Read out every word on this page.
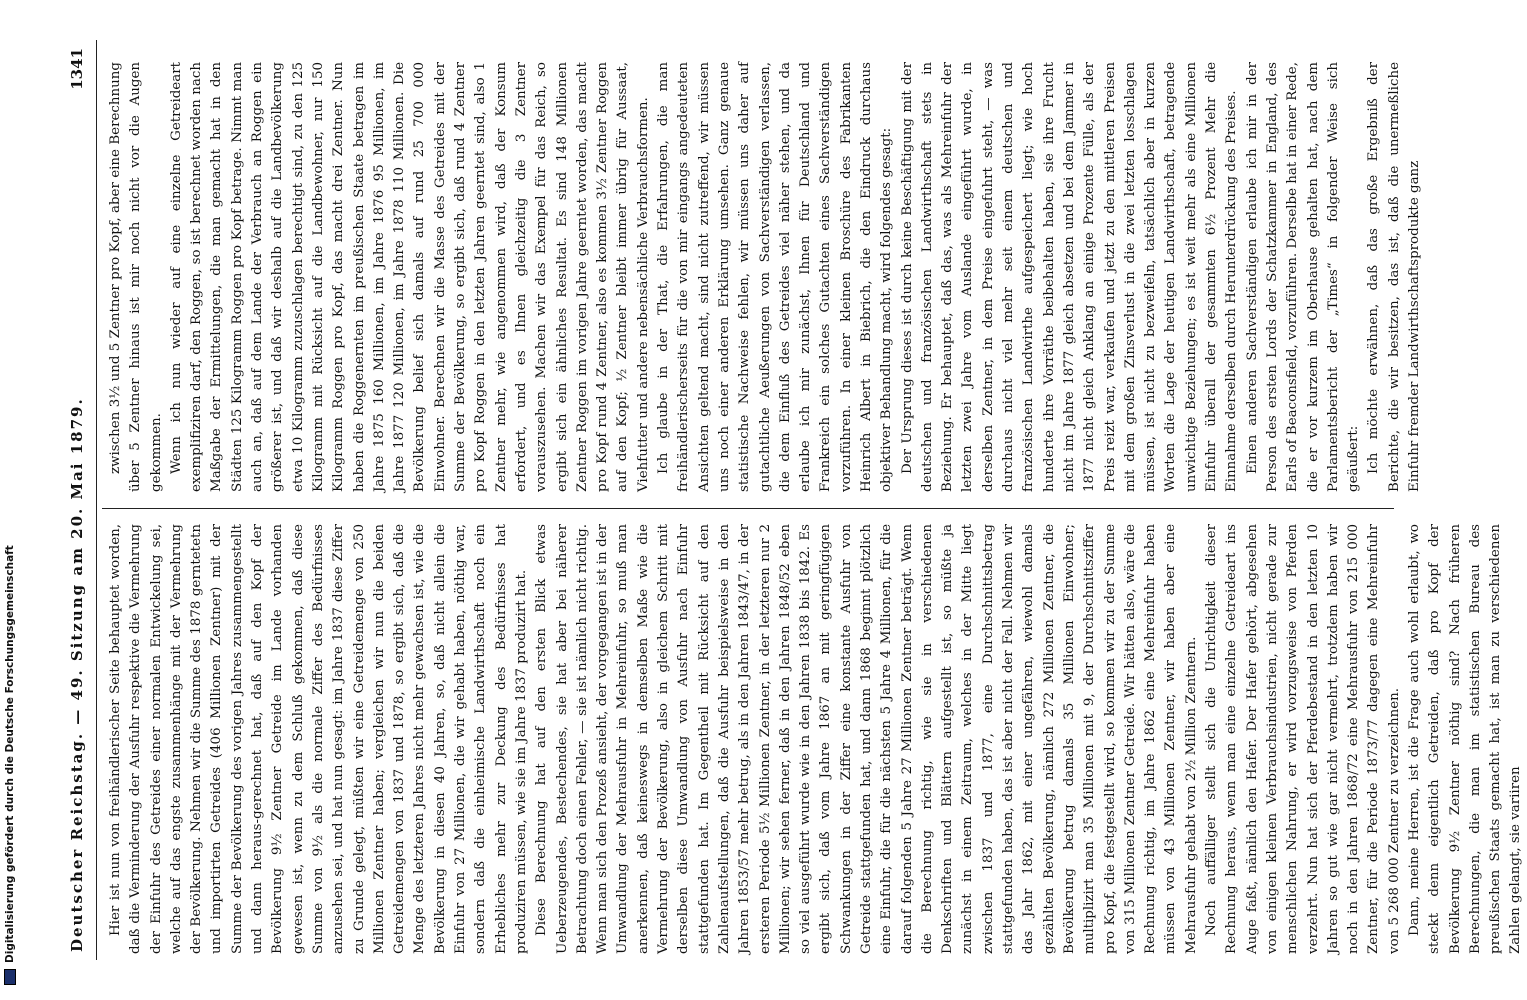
Deutscher Reichstag. — 49. Sitzung am 20. Mai 1879.
1341

Hier ist nun von freihändlerischer Seite behauptet worden, daß die Verminderung der Ausfuhr respektive die Vermehrung der Einfuhr des Getreides einer normalen Entwickelung sei, welche auf das engste zusammenhänge mit der Vermehrung der Bevölkerung. Nehmen wir die Summe des 1878 gerntetetn und importirten Getreides (406 Millionen Zentner) mit der Summe der Bevölkerung des vorigen Jahres zusammengestellt und dann heraus-gerechnet hat, daß auf den Kopf der Bevölkerung 9½ Zentner Getreide im Lande vorhanden gewesen ist, wenn zu dem Schluß gekommen, daß diese Summe von 9½ als die normale Ziffer des Bedürfnisses anzusehen sei, und hat nun gesagt: im Jahre 1837 diese Ziffer zu Grunde gelegt, müßten wir eine Getreidemenge von 250 Millionen Zentner haben; vergleichen wir nun die beiden Getreidemengen von 1837 und 1878, so ergibt sich, daß die Menge des letzteren Jahres nicht mehr gewachsen ist, wie die Bevölkerung in diesen 40 Jahren, so, daß nicht allein die Einfuhr von 27 Millionen, die wir gehabt haben, nöthig war, sondern daß die einheimische Landwirthschaft noch ein Erhebliches mehr zur Deckung des Bedürfnisses hat produziren müssen, wie sie im Jahre 1837 produzirt hat. Diese Berechnung hat auf den ersten Blick etwas Ueberzeugendes, Bestechendes, sie hat aber bei näherer Betrachtung doch einen Fehler, — sie ist nämlich nicht richtig. Wenn man sich den Prozeß ansieht, der vorgegangen ist in der Umwandlung der Mehrausfuhr in Mehreinfuhr, so muß man anerkennen, daß keineswegs in demselben Maße wie die Vermehrung der Bevölkerung, also in gleichem Schritt mit derselben diese Umwandlung von Ausfuhr nach Einfuhr stattgefunden hat. Im Gegentheil mit Rücksicht auf den Zahlenaufstellungen, daß die Ausfuhr beispielsweise in den Jahren 1853/57 mehr betrug, als in den Jahren 1843/47, in der ersteren Periode 5½ Millionen Zentner, in der letzteren nur 2 Millionen; wir sehen ferner, daß in den Jahren 1848/52 eben so viel ausgeführt wurde wie in den Jahren 1838 bis 1842. Es ergibt sich, daß vom Jahre 1867 an mit geringfügigen Schwankungen in der Ziffer eine konstante Ausfuhr von Getreide stattgefunden hat, und dann 1868 beginnt plötzlich eine Einfuhr, die für die nächsten 5 Jahre 4 Millionen, für die darauf folgenden 5 Jahre 27 Millionen Zentner beträgt. Wenn die Berechnung richtig, wie sie in verschiedenen Denkschriften und Blättern aufgestellt ist, so müßte ja zunächst in einem Zeitraum, welches in der Mitte liegt zwischen 1837 und 1877, eine Durchschnittsbetrag stattgefunden haben, das ist aber nicht der Fall. Nehmen wir das Jahr 1862, mit einer ungefähren, wiewohl damals gezählten Bevölkerung, nämlich 272 Millionen Zentner, die Bevölkerung betrug damals 35 Millionen Einwohner; multiplizirt man 35 Millionen mit 9, der Durchschnittsziffer pro Kopf, die festgestellt wird, so kommen wir zu der Summe von 315 Millionen Zentner Getreide. Wir hätten also, wäre die Rechnung richtig, im Jahre 1862 eine Mehreinfuhr haben müssen von 43 Millionen Zentner, wir haben aber eine Mehrausfuhr gehabt von 2½ Million Zentnern. Noch auffälliger stellt sich die Unrichtigkeit dieser Rechnung heraus, wenn man eine einzelne Getreideart ins Auge faßt, nämlich den Hafer. Der Hafer gehört, abgesehen von einigen kleinen Verbrauchsindustrien, nicht gerade zur menschlichen Nahrung, er wird vorzugsweise von Pferden verzehrt. Nun hat sich der Pferdebestand in den letzten 10 Jahren so gut wie gar nicht vermehrt, trotzdem haben wir noch in den Jahren 1868/72 eine Mehrausfuhr von 215 000 Zentner, für die Periode 1873/77 dagegen eine Mehreinfuhr von 5 268 000 Zentner zu verzeichnen. Dann, meine Herren, ist die Frage auch wohl erlaubt, wo steckt denn eigentlich Getreiden, daß pro Kopf der Bevölkerung 9½ Zentner nöthig sind? Nach früheren Berechnungen, die man im statistischen Bureau des preußischen Staats gemacht hat, ist man zu verschiedenen Zahlen gelangt, sie variiren

zwischen 3½ und 5 Zentner pro Kopf, aber eine Berechnung über 5 Zentner hinaus ist mir noch nicht vor die Augen gekommen. Wenn ich nun wieder auf eine einzelne Getreideart exemplifiziren darf, den Roggen, so ist berechnet worden nach Maßgabe der Ermittelungen, die man gemacht hat in den Städten 125 Kilogramm Roggen pro Kopf betrage. Nimmt man auch an, daß auf dem Lande der Verbrauch an Roggen ein größerer ist, und daß wir deshalb auf die Landbevölkerung etwa 10 Kilogramm zuzuschlagen berechtigt sind, zu den 125 Kilogramm mit Rücksicht auf die Landbewohner, nur 150 Kilogramm Roggen pro Kopf, das macht drei Zentner. Nun haben die Roggenernten im preußischen Staate betragen im Jahre 1875 160 Millionen, im Jahre 1876 95 Millionen, im Jahre 1877 120 Millionen, im Jahre 1878 110 Millionen. Die Bevölkerung belief sich damals auf rund 25 700 000 Einwohner. Berechnen wir die Masse des Getreides mit der Summe der Bevölkerung, so ergibt sich, daß rund 4 Zentner pro Kopf Roggen in den letzten Jahren geerntet sind, also 1 Zentner mehr, wie angenommen wird, daß der Konsum erfordert, und es Ihnen gleichzeitig die 3 Zentner vorauszusehen. Machen wir das Exempel für das Reich, so ergibt sich ein ähnliches Resultat. Es sind 148 Millionen Zentner Roggen im vorigen Jahre geerntet worden, das macht pro Kopf rund 4 Zentner, also es kommen 3½ Zentner Roggen auf den Kopf; ½ Zentner bleibt immer übrig für Aussaat, Viehfutter und andere nebensächliche Verbrauchsformen. Ich glaube in der That, die Erfahrungen, die man freihändlerischerseits für die von mir eingangs angedeuteten Ansichten geltend macht, sind nicht zutreffend, wir müssen uns noch einer anderen Erklärung umsehen. Ganz genaue statistische Nachweise fehlen, wir müssen uns daher auf gutachtliche Aeußerungen von Sachverständigen verlassen, die dem Einfluß des Getreides viel näher stehen, und da erlaube ich mir zunächst, Ihnen für Deutschland und Frankreich ein solches Gutachten eines Sachverständigen vorzuführen. In einer kleinen Broschüre des Fabrikanten Heinrich Albert in Biebrich, die den Eindruck durchaus objektiver Behandlung macht, wird folgendes gesagt: Der Ursprung dieses ist durch keine Beschäftigung mit der deutschen und französischen Landwirthschaft stets in Beziehung. Er behauptet, daß das, was als Mehreinfuhr der letzten zwei Jahre vom Auslande eingeführt wurde, in derselben Zentner, in dem Preise eingefuhrt steht, — was durchaus nicht viel mehr seit einem deutschen und französischen Landwirthe aufgespeichert liegt; wie hoch hunderte ihre Vorräthe beibehalten haben, sie ihre Frucht nicht im Jahre 1877 gleich absetzen und bei dem Jammer in 1877 nicht gleich Anklang an einige Prozente Fülle, als der Preis reizt war, verkaufen und jetzt zu den mittleren Preisen mit dem großen Zinsverlust in die zwei letzten losschlagen müssen, ist nicht zu bezweifeln, tatsächlich aber in kurzen Worten die Lage der heutigen Landwirthschaft, betragende unwichtige Beziehungen; es ist weit mehr als eine Millionen Einfuhr überall der gesammten 6½ Prozent Mehr die Einnahme derselben durch Herunterdrückung des Preises. Einen anderen Sachverständigen erlaube ich mir in der Person des ersten Lords der Schatzkammer in England, des Earls of Beaconsfield, vorzuführen. Derselbe hat in einer Rede, die er vor kurzem im Oberhause gehalten hat, nach dem Parlamentsbericht der „Times“ in folgender Weise sich geäußert: Ich möchte erwähnen, daß das große Ergebniß der Berichte, die wir besitzen, das ist, daß die unermeßliche Einfuhr fremder Landwirthschaftsprodukte ganz

Digitalisierung gefördert durch die Deutsche Forschungsgemeinschaft
